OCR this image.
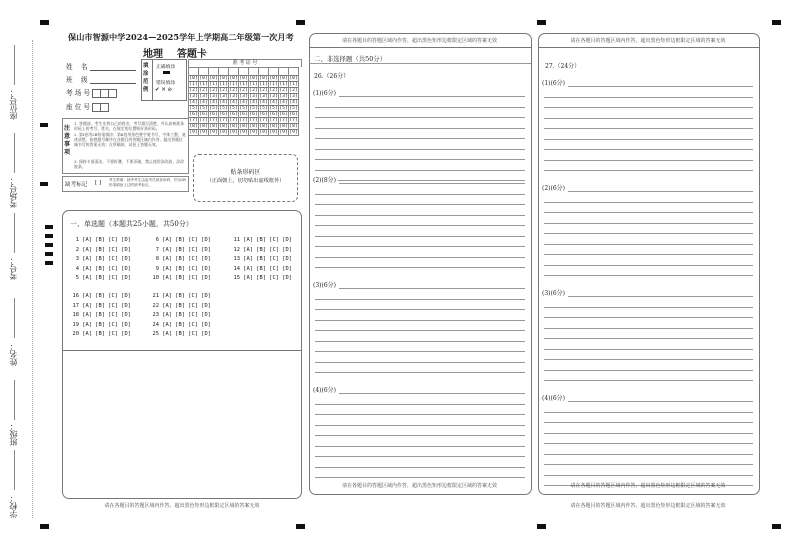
座位号：
考场号：
考号：
姓名：
班级：
学校：
保山市智源中学2024—2025学年上学期高二年级第一次月考
地理    答题卡
姓    名
班    级
考 场 号
座 位 号
填涂范例
正确填涂
错误填涂
✔ ✕ ⊘
准 考 证 号

[0]	[0]	[0]	[0]	[0]	[0]	[0]	[0]	[0]	[0]	[0]
[1]	[1]	[1]	[1]	[1]	[1]	[1]	[1]	[1]	[1]	[1]
[2]	[2]	[2]	[2]	[2]	[2]	[2]	[2]	[2]	[2]	[2]
[3]	[3]	[3]	[3]	[3]	[3]	[3]	[3]	[3]	[3]	[3]
[4]	[4]	[4]	[4]	[4]	[4]	[4]	[4]	[4]	[4]	[4]
[5]	[5]	[5]	[5]	[5]	[5]	[5]	[5]	[5]	[5]	[5]
[6]	[6]	[6]	[6]	[6]	[6]	[6]	[6]	[6]	[6]	[6]
[7]	[7]	[7]	[7]	[7]	[7]	[7]	[7]	[7]	[7]	[7]
[8]	[8]	[8]	[8]	[8]	[8]	[8]	[8]	[8]	[8]	[8]
[9]	[9]	[9]	[9]	[9]	[9]	[9]	[9]	[9]	[9]	[9]
注意事项
1. 答题前，考生先将自己的姓名、考号填写清楚，并认真核准条形码上的考号、姓名，在规定的位置贴好条形码。
2. 第Ⅰ卷用2B铅笔填涂；第Ⅱ卷用黑色签字笔书写，字体工整，笔迹清楚。按照题号顺序在各题目的答题区域内作答，超出答题区域书写的答案无效；在草稿纸、试卷上答题无效。
3. 保持卡面清洁，不要折叠、不要弄破，禁止使用涂改液、涂改胶条。
缺考标记 [ ] 考生禁填：缺考考生由监考员贴条形码，并用2B铅笔填涂上边的缺考标记。
贴条形码区
（正面朝上，切勿贴出虚线框外）
一、单选题（本题共25小题，共50分）
1 [A] [B] [C] [D]
2 [A] [B] [C] [D]
3 [A] [B] [C] [D]
4 [A] [B] [C] [D]
5 [A] [B] [C] [D]
6 [A] [B] [C] [D]
7 [A] [B] [C] [D]
8 [A] [B] [C] [D]
9 [A] [B] [C] [D]
10 [A] [B] [C] [D]
11 [A] [B] [C] [D]
12 [A] [B] [C] [D]
13 [A] [B] [C] [D]
14 [A] [B] [C] [D]
15 [A] [B] [C] [D]
16 [A] [B] [C] [D]
17 [A] [B] [C] [D]
18 [A] [B] [C] [D]
19 [A] [B] [C] [D]
20 [A] [B] [C] [D]
21 [A] [B] [C] [D]
22 [A] [B] [C] [D]
23 [A] [B] [C] [D]
24 [A] [B] [C] [D]
25 [A] [B] [C] [D]
请在各题目的答题区域内作答，超出黑色矩形边框限定区域的答案无效
请在各题目的答题区域内作答，超出黑色矩形边框限定区域的答案无效
二、非选择题（共50分）
26.（26分）
(1)(6分)
(2)(8分)
(3)(6分)
(4)(6分)
请在各题目的答题区域内作答，超出黑色矩形边框限定区域的答案无效
请在各题目的答题区域内作答，超出黑色矩形边框限定区域的答案无效
27.（24分）
(1)(6分)
(2)(6分)
(3)(6分)
(4)(6分)
请在各题目的答题区域内作答，超出黑色矩形边框限定区域的答案无效
请在各题目的答题区域内作答，超出黑色矩形边框限定区域的答案无效
